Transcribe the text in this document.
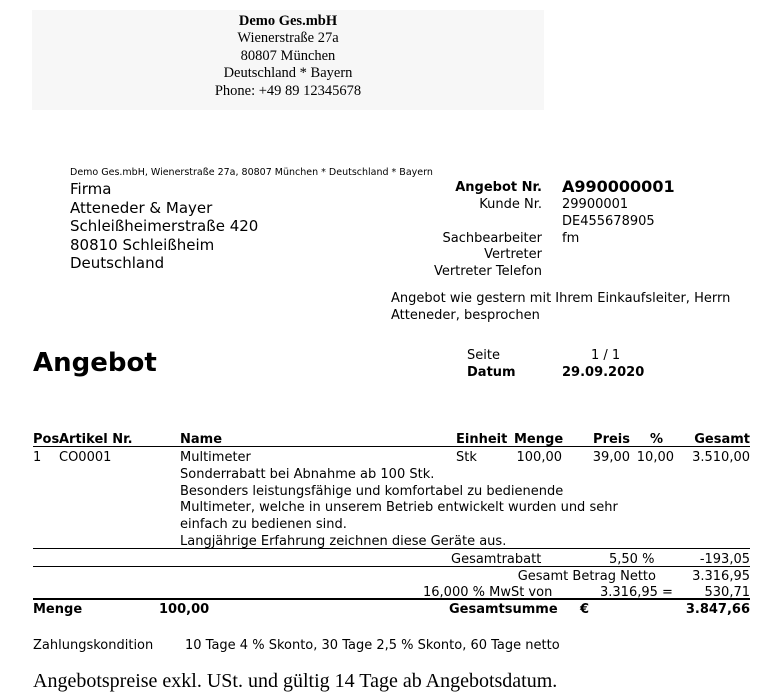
Demo Ges.mbH
Wienerstraße 27a
80807 München
Deutschland * Bayern
Phone: +49 89 12345678
Demo Ges.mbH, Wienerstraße 27a, 80807 München * Deutschland * Bayern
Firma
Atteneder & Mayer
Schleißheimerstraße 420
80810 Schleißheim
Deutschland
Angebot Nr. A990000001
Kunde Nr. 29900001
DE455678905
Sachbearbeiter fm
Vertreter
Vertreter Telefon
Angebot wie gestern mit Ihrem Einkaufsleiter, Herrn
Atteneder, besprochen
Angebot	Seite	1 / 1
Datum	29.09.2020
Pos Artikel Nr.	Name	Einheit Menge	Preis	%	Gesamt
1 CO0001	Multimeter	Stk	100,00	39,00 10,00	3.510,00
Sonderrabatt bei Abnahme ab 100 Stk.
Besonders leistungsfähige und komfortabel zu bedienende
Multimeter, welche in unserem Betrieb entwickelt wurden und sehr
einfach zu bedienen sind.
Langjährige Erfahrung zeichnen diese Geräte aus.
Gesamtrabatt	5,50 %	-193,05
Gesamt Betrag Netto	3.316,95
16,000 % MwSt von	3.316,95 =	530,71
Menge	100,00	Gesamtsumme €	3.847,66
Zahlungskondition 10 Tage 4 % Skonto, 30 Tage 2,5 % Skonto, 60 Tage netto
Angebotspreise exkl. USt. und gültig 14 Tage ab Angebotsdatum.
